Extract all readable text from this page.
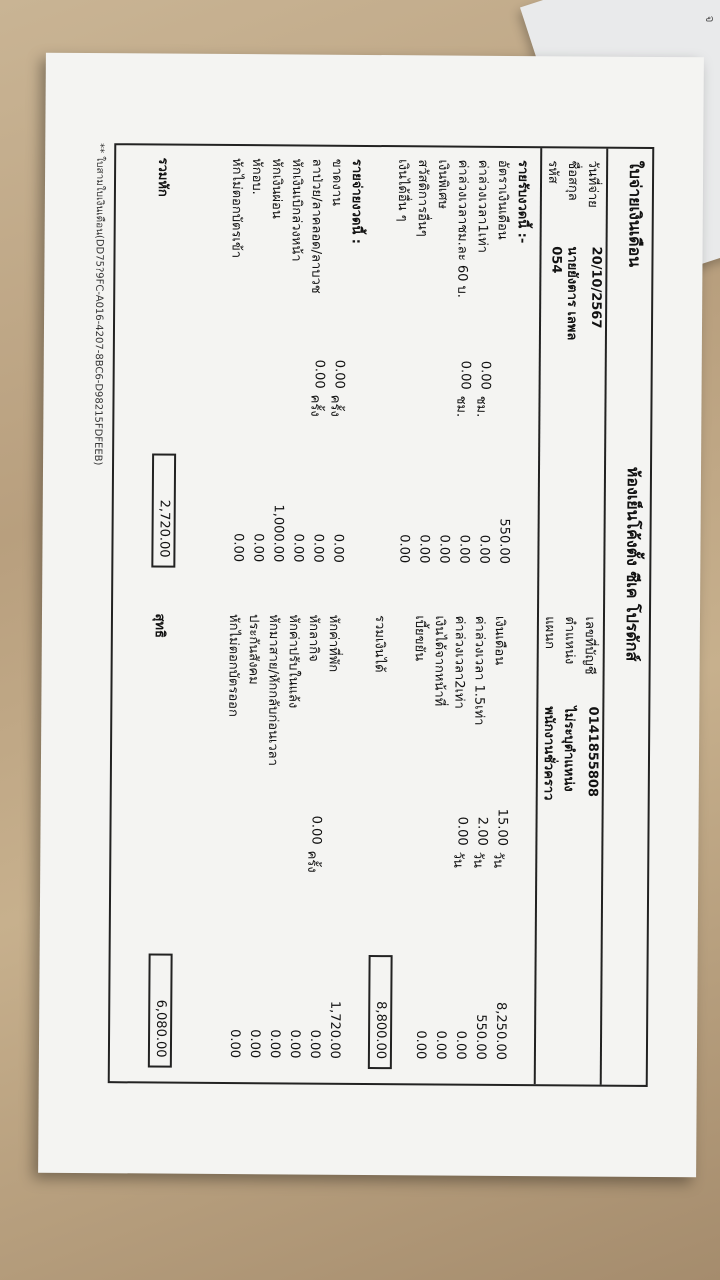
จ
ใบจ่ายเงินเดือน
ห้องเย็นโค้งตั้ง ซีเค โปรดักส์
วันที่จ่าย
20/10/2567
ชื่อสกุล
นายยังตาร เลพล
รหัส
054
เลขที่บัญชี
0141855808
ตำแหน่ง
ไม่ระบุตำแหน่ง
แผนก
พนักงานชั่วคราว
รายรับงวดนี้ :-
รายจ่ายงวดนี้ :	อัตราเงินเดือน
550.00
ค่าล่วงเวลา1เท่า
0.00
ชม.
0.00
ค่าล่วงเวลาชม.ละ 60 บ.
0.00
ชม.
0.00
เงินพิเศษ
0.00
สวัสดิการอื่นๆ
0.00
เงินได้อื่น ๆ
0.00
เงินเดือน
15.00
วัน
8,250.00
ค่าล่วงเวลา 1.5เท่า
2.00
วัน
550.00
ค่าล่วงเวลา2เท่า
0.00
วัน
0.00
เงินได้จากหน้าที่
0.00
เบี้ยขยัน
0.00
ขาดงาน
0.00
ครั้ง
0.00
ลาป่วย/ลาคลอด/ลาบวช
0.00
ครั้ง
0.00
หักเงินเบิกล่วงหน้า
0.00
หักเงินผ่อน
1,000.00
หักอบ.
0.00
หักไม่ตอกบัตรเข้า
0.00
หักค่าที่พัก
1,720.00
หักลากิจ
0.00
ครั้ง
0.00
หักค่าปรับในแล้ง
0.00
หักมาสาย/หักกลับก่อนเวลา
0.00
ประกันสังคม
0.00
หักไม่ตอกบัตรออก
0.00
รวมเงินได้
8,800.00
รวมหัก
2,720.00
สุทธิ
6,080.00
** ใบสามใบเงินเดือน(DD75?9FC-A016-4207-8BC6-D98215FDFEEB)
